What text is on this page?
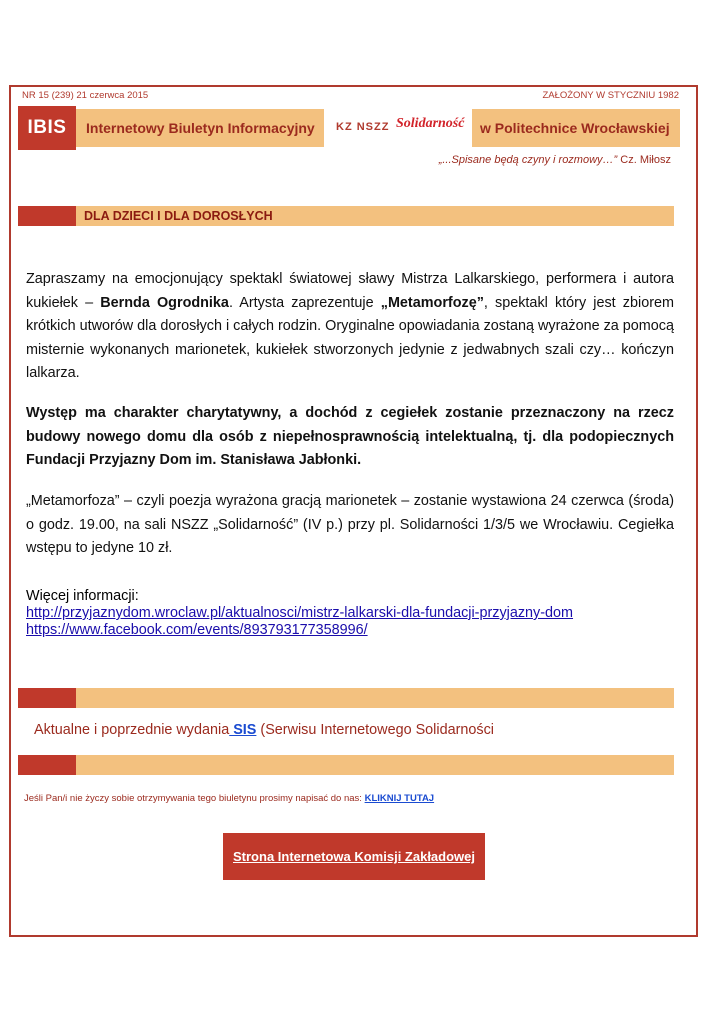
NR 15 (239) 21 czerwca 2015	ZAŁOŻONY W STYCZNIU 1982
IBIS	Internetowy Biuletyn Informacyjny KZ NSZZ Solidarność w Politechnice Wrocławskiej
„...Spisane będą czyny i rozmowy…” Cz. Miłosz
DLA DZIECI I DLA DOROSŁYCH

Zapraszamy na emocjonujący spektakl światowej sławy Mistrza Lalkarskiego, performera i autora kukiełek – Bernda Ogrodnika. Artysta zaprezentuje „Metamorfozę”, spektakl który jest zbiorem krótkich utworów dla dorosłych i całych rodzin. Oryginalne opowiadania zostaną wyrażone za pomocą misternie wykonanych marionetek, kukiełek stworzonych jedynie z jedwabnych szali czy… kończyn lalkarza.

Występ ma charakter charytatywny, a dochód z cegiełek zostanie przeznaczony na rzecz budowy nowego domu dla osób z niepełnosprawnością intelektualną, tj. dla podopiecznych Fundacji Przyjazny Dom im. Stanisława Jabłonki.

„Metamorfoza” – czyli poezja wyrażona gracją marionetek – zostanie wystawiona 24 czerwca (środa) o godz. 19.00, na sali NSZZ „Solidarność” (IV p.) przy pl. Solidarności 1/3/5 we Wrocławiu. Cegiełka wstępu to jedyne 10 zł.

Więcej informacji:
http://przyjaznydom.wroclaw.pl/aktualnosci/mistrz-lalkarski-dla-fundacji-przyjazny-dom
https://www.facebook.com/events/893793177358996/
Aktualne i poprzednie wydania SIS (Serwisu Internetowego Solidarności
Jeśli Pan/i nie życzy sobie otrzymywania tego biuletynu prosimy napisać do nas: KLIKNIJ TUTAJ
Strona Internetowa Komisji Zakładowej
